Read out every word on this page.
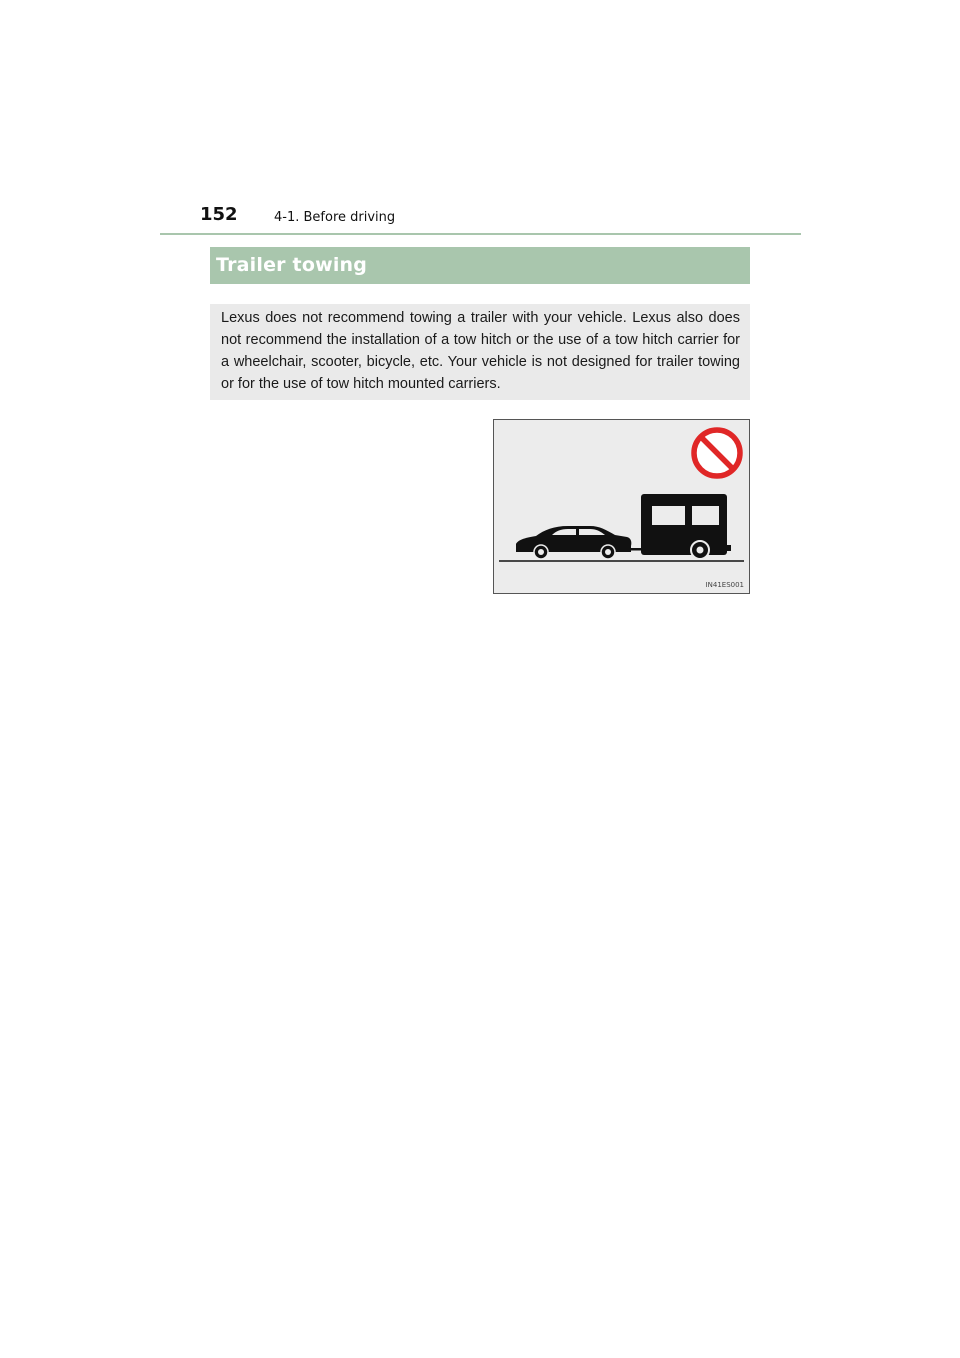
152	4-1. Before driving
Trailer towing

Lexus does not recommend towing a trailer with your vehicle. Lexus also does not recommend the installation of a tow hitch or the use of a tow hitch carrier for a wheelchair, scooter, bicycle, etc. Your vehicle is not designed for trailer towing or for the use of tow hitch mounted carriers.

IN41ES001
